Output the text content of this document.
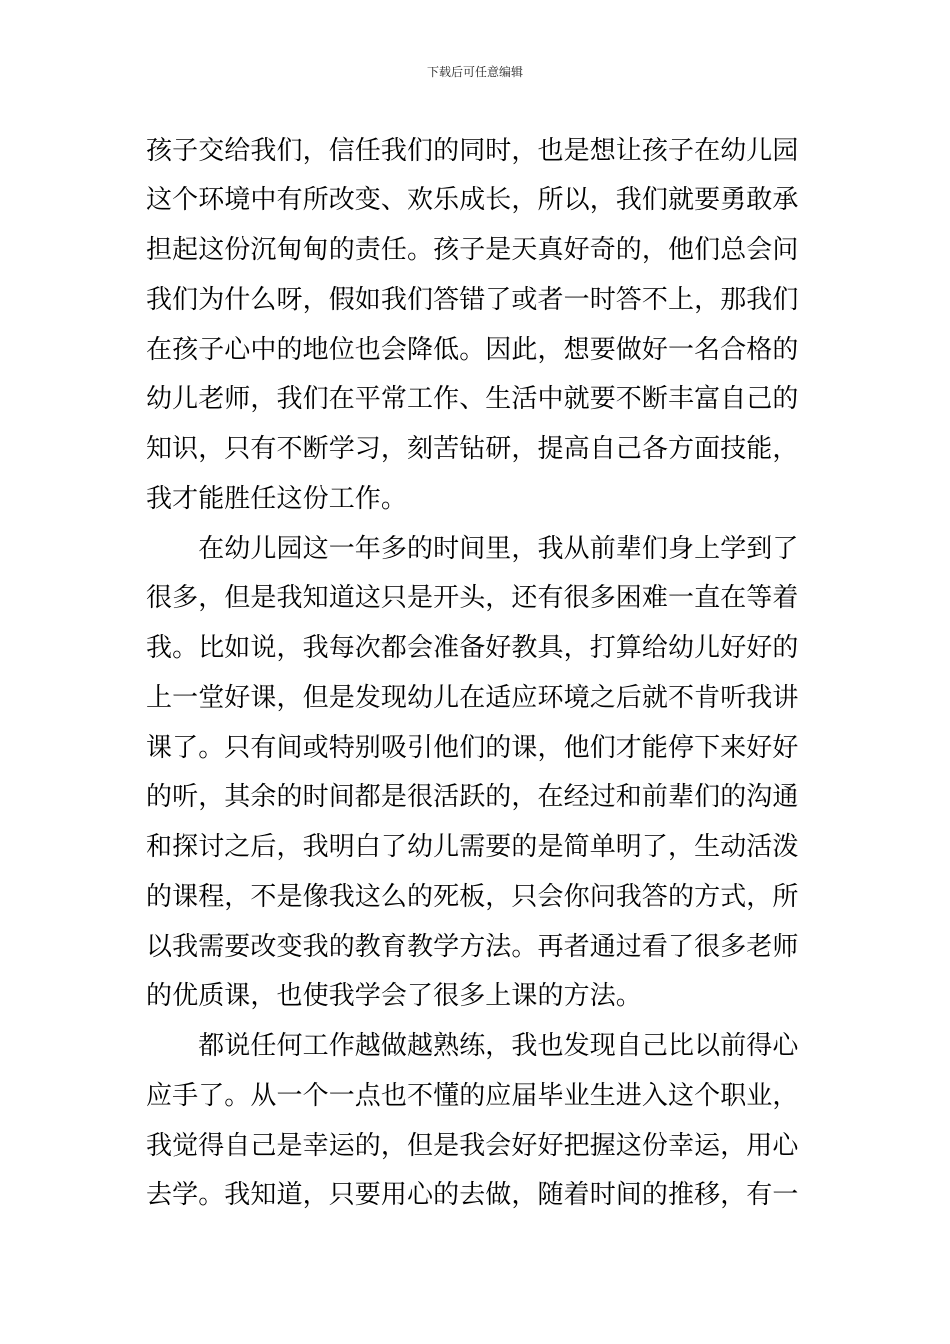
下载后可任意编辑
孩子交给我们，信任我们的同时，也是想让孩子在幼儿园
这个环境中有所改变、欢乐成长，所以，我们就要勇敢承
担起这份沉甸甸的责任。孩子是天真好奇的，他们总会问
我们为什么呀，假如我们答错了或者一时答不上，那我们
在孩子心中的地位也会降低。因此，想要做好一名合格的
幼儿老师，我们在平常工作、生活中就要不断丰富自己的
知识，只有不断学习，刻苦钻研，提高自己各方面技能，
我才能胜任这份工作。
　　在幼儿园这一年多的时间里，我从前辈们身上学到了
很多，但是我知道这只是开头，还有很多困难一直在等着
我。比如说，我每次都会准备好教具，打算给幼儿好好的
上一堂好课，但是发现幼儿在适应环境之后就不肯听我讲
课了。只有间或特别吸引他们的课，他们才能停下来好好
的听，其余的时间都是很活跃的，在经过和前辈们的沟通
和探讨之后，我明白了幼儿需要的是简单明了，生动活泼
的课程，不是像我这么的死板，只会你问我答的方式，所
以我需要改变我的教育教学方法。再者通过看了很多老师
的优质课，也使我学会了很多上课的方法。
　　都说任何工作越做越熟练，我也发现自己比以前得心
应手了。从一个一点也不懂的应届毕业生进入这个职业，
我觉得自己是幸运的，但是我会好好把握这份幸运，用心
去学。我知道，只要用心的去做，随着时间的推移，有一
